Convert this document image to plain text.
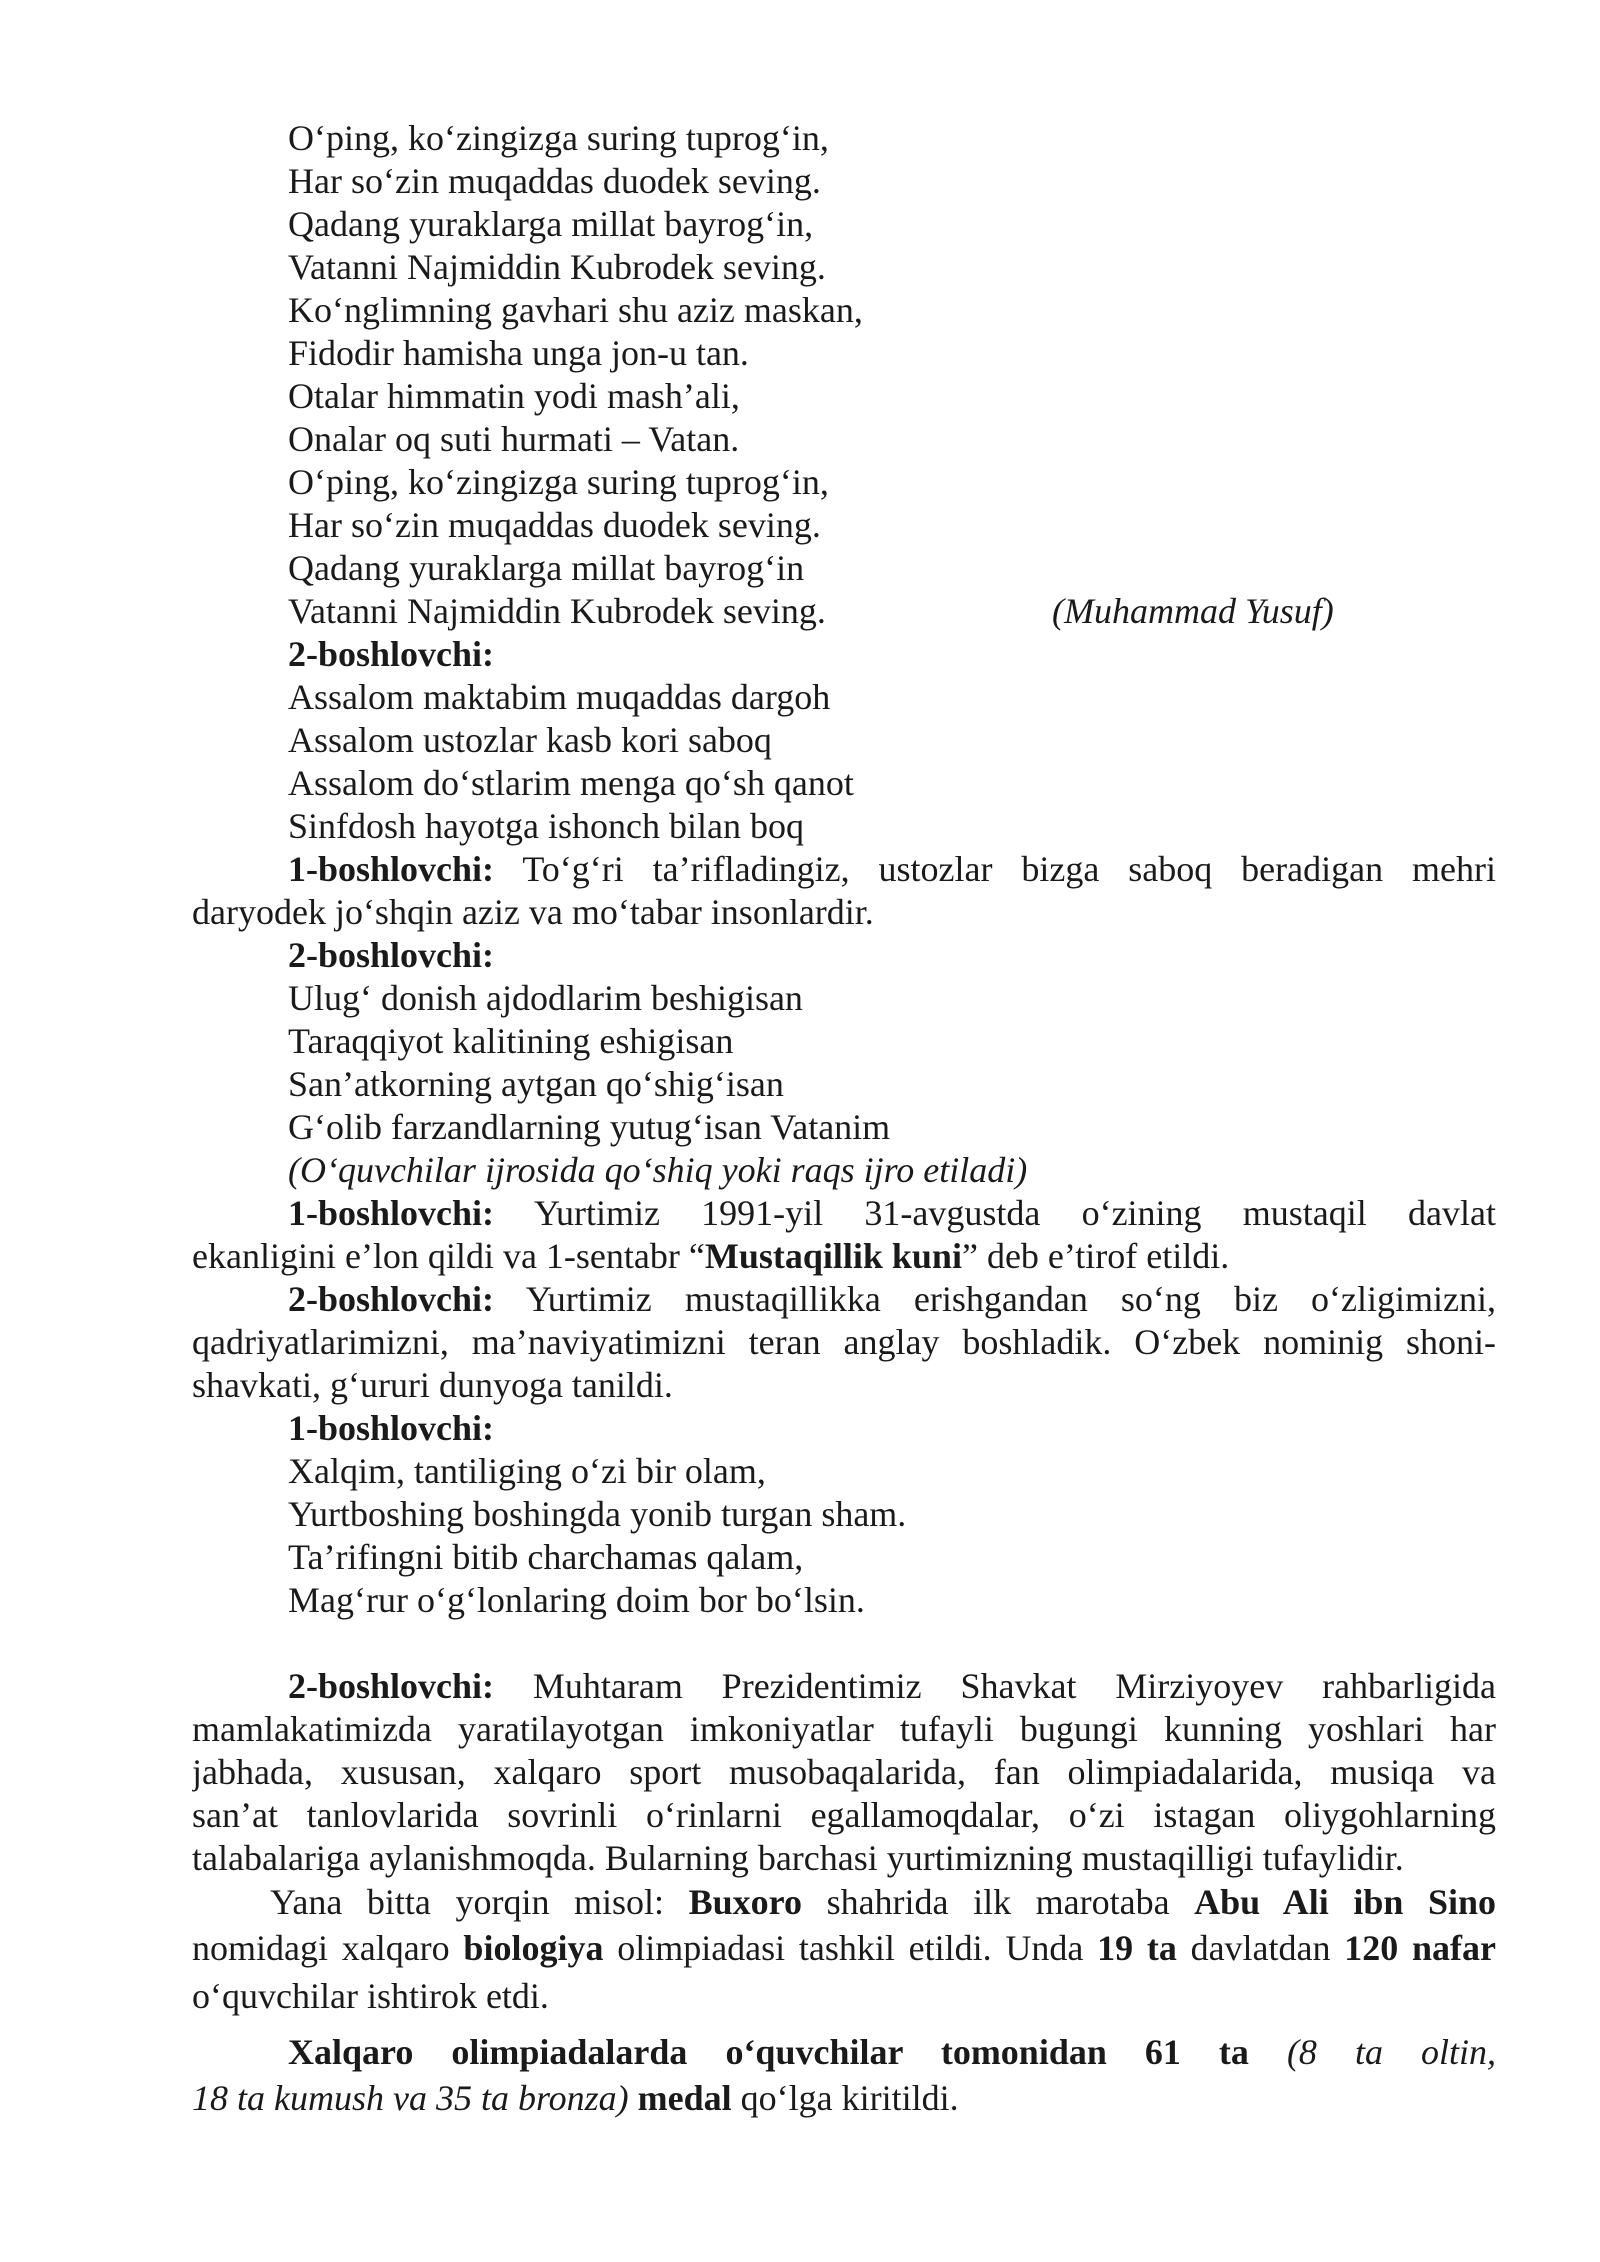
O‘ping, ko‘zingizga suring tuprog‘in,
Har so‘zin muqaddas duodek seving.
Qadang yuraklarga millat bayrog‘in,
Vatanni Najmiddin Kubrodek seving.
Ko‘nglimning gavhari shu aziz maskan,
Fidodir hamisha unga jon-u tan.
Otalar himmatin yodi mash’ali,
Onalar oq suti hurmati – Vatan.
O‘ping, ko‘zingizga suring tuprog‘in,
Har so‘zin muqaddas duodek seving.
Qadang yuraklarga millat bayrog‘in
Vatanni Najmiddin Kubrodek seving.	(Muhammad Yusuf)
2-boshlovchi:
Assalom maktabim muqaddas dargoh
Assalom ustozlar kasb kori saboq
Assalom do‘stlarim menga qo‘sh qanot
Sinfdosh hayotga ishonch bilan boq
1-boshlovchi: To‘g‘ri ta’rifladingiz, ustozlar bizga saboq beradigan mehri
daryodek jo‘shqin aziz va mo‘tabar insonlardir.
2-boshlovchi:
Ulug‘ donish ajdodlarim beshigisan
Taraqqiyot kalitining eshigisan
San’atkorning aytgan qo‘shig‘isan
G‘olib farzandlarning yutug‘isan Vatanim
(O‘quvchilar ijrosida qo‘shiq yoki raqs ijro etiladi)
1-boshlovchi: Yurtimiz 1991-yil 31-avgustda o‘zining mustaqil davlat
ekanligini e’lon qildi va 1-sentabr “Mustaqillik kuni” deb e’tirof etildi.
2-boshlovchi: Yurtimiz mustaqillikka erishgandan so‘ng biz o‘zligimizni,
qadriyatlarimizni, ma’naviyatimizni teran anglay boshladik. O‘zbek nominig shoni-
shavkati, g‘ururi dunyoga tanildi.
1-boshlovchi:
Xalqim, tantiliging o‘zi bir olam,
Yurtboshing boshingda yonib turgan sham.
Ta’rifingni bitib charchamas qalam,
Mag‘rur o‘g‘lonlaring doim bor bo‘lsin.
2-boshlovchi: Muhtaram Prezidentimiz Shavkat Mirziyoyev rahbarligida
mamlakatimizda yaratilayotgan imkoniyatlar tufayli bugungi kunning yoshlari har
jabhada, xususan, xalqaro sport musobaqalarida, fan olimpiadalarida, musiqa va
san’at tanlovlarida sovrinli o‘rinlarni egallamoqdalar, o‘zi istagan oliygohlarning
talabalariga aylanishmoqda. Bularning barchasi yurtimizning mustaqilligi tufaylidir.
Yana bitta yorqin misol: Buxoro shahrida ilk marotaba Abu Ali ibn Sino
nomidagi xalqaro biologiya olimpiadasi tashkil etildi. Unda 19 ta davlatdan 120 nafar
o‘quvchilar ishtirok etdi.
Xalqaro olimpiadalarda o‘quvchilar tomonidan 61 ta (8 ta oltin,
18 ta kumush va 35 ta bronza) medal qo‘lga kiritildi.
